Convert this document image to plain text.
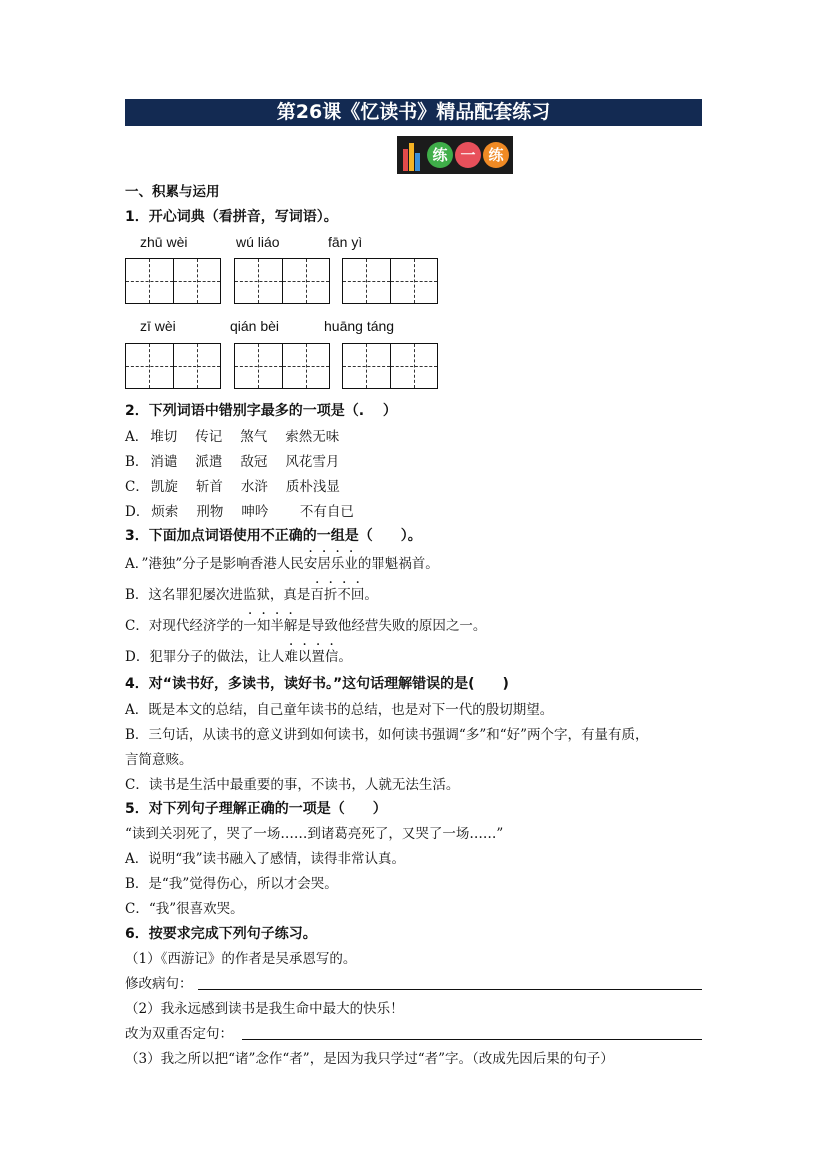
第26课《忆读书》精品配套练习
练 一 练
一、积累与运用
1．开心词典（看拼音，写词语）。
zhū wèi	wú liáo	fān yì
zī wèi	qián bèi	huāng táng
2．下列词语中错别字最多的一项是（.　 ）
A． 堆切 传记 煞气 索然无味
B． 消谴 派遣 敌冠 风花雪月
C． 凯旋 斩首 水浒 质朴浅显
D． 烦索 刑物 呻吟　不有自已
3．下面加点词语使用不正确的一组是（　　）。
A．”港独”分子是影响香港人民安居乐业的罪魁祸首。
B．这名罪犯屡次进监狱，真是百折不回。
C．对现代经济学的一知半解是导致他经营失败的原因之一。
D．犯罪分子的做法，让人难以置信。
4．对“读书好，多读书，读好书。”这句话理解错误的是(　　)
A．既是本文的总结，自己童年读书的总结，也是对下一代的殷切期望。
B．三句话，从读书的意义讲到如何读书，如何读书强调“多”和“好”两个字，有量有质，
言简意赅。
C．读书是生活中最重要的事，不读书，人就无法生活。
5．对下列句子理解正确的一项是（　　）
“读到关羽死了，哭了一场……到诸葛亮死了，又哭了一场……”
A．说明“我”读书融入了感情，读得非常认真。
B．是“我”觉得伤心，所以才会哭。
C．“我”很喜欢哭。
6．按要求完成下列句子练习。
（1）《西游记》的作者是吴承恩写的。
修改病句：
（2）我永远感到读书是我生命中最大的快乐！
改为双重否定句：
（3）我之所以把“诸”念作“者”，是因为我只学过“者”字。（改成先因后果的句子）
